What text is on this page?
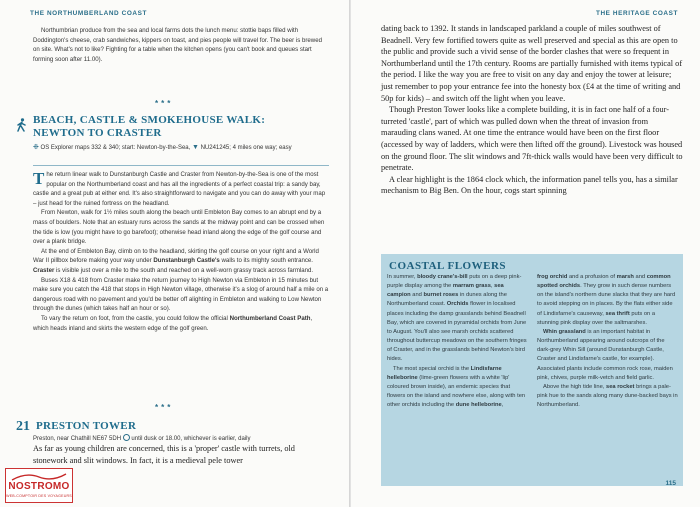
THE NORTHUMBERLAND COAST

Northumbrian produce from the sea and local farms dots the lunch menu: stottie baps filled with Doddington's cheese, crab sandwiches, kippers on toast, and pies people will travel for. The beer is brewed on site. What's not to like? Fighting for a table when the kitchen opens (you can't book and queues start forming soon after 11.00).

***
BEACH, CASTLE & SMOKEHOUSE WALK:
NEWTON TO CRASTER
❉ OS Explorer maps 332 & 340; start: Newton-by-the-Sea, ▼ NU241245; 4 miles one way; easy

The return linear walk to Dunstanburgh Castle and Craster from Newton-by-the-Sea is one of the most popular on the Northumberland coast and has all the ingredients of a perfect coastal trip: a sandy bay, castle and a great pub at either end. It's also straightforward to navigate and you can do away with your map – just head for the ruined fortress on the headland.

From Newton, walk for 1½ miles south along the beach until Embleton Bay comes to an abrupt end by a mass of boulders. Note that an estuary runs across the sands at the midway point and can be crossed when the tide is low (you might have to go barefoot); otherwise head inland along the edge of the golf course and over a plank bridge.

At the end of Embleton Bay, climb on to the headland, skirting the golf course on your right and a World War II pillbox before making your way under Dunstanburgh Castle's walls to its mighty south entrance. Craster is visible just over a mile to the south and reached on a well-worn grassy track across farmland.

Buses X18 & 418 from Craster make the return journey to High Newton via Embleton in 15 minutes but make sure you catch the 418 that stops in High Newton village, otherwise it's a slog of around half a mile on a dangerous road with no pavement and you'd be better off alighting in Embleton and walking to Low Newton through the dunes (which takes half an hour or so).

To vary the return on foot, from the castle, you could follow the official Northumberland Coast Path, which heads inland and skirts the western edge of the golf green.

***
21 PRESTON TOWER
Preston, near Chathill NE67 5DH until dusk or 18.00, whichever is earlier, daily

As far as young children are concerned, this is a 'proper' castle with turrets, old stonework and slit windows. In fact, it is a medieval pele tower

NOSTROMO
WEB-COMPTOIR DES VOYAGEURS
THE HERITAGE COAST

dating back to 1392. It stands in landscaped parkland a couple of miles southwest of Beadnell. Very few fortified towers quite as well preserved and special as this are open to the public and provide such a vivid sense of the border clashes that were so frequent in Northumberland until the 17th century. Rooms are partially furnished with items typical of the period. I like the way you are free to visit on any day and enjoy the tower at leisure; just remember to pop your entrance fee into the honesty box (£4 at the time of writing and 50p for kids) – and switch off the light when you leave.

Though Preston Tower looks like a complete building, it is in fact one half of a four-turreted 'castle', part of which was pulled down when the threat of invasion from marauding clans waned. At one time the entrance would have been on the first floor (accessed by way of ladders, which were then lifted off the ground). Livestock was housed on the ground floor. The slit windows and 7ft-thick walls would have been very difficult to penetrate.

A clear highlight is the 1864 clock which, the information panel tells you, has a similar mechanism to Big Ben. On the hour, cogs start spinning

COASTAL FLOWERS

In summer, bloody crane's-bill puts on a deep pink-purple display among the marram grass, sea campion and burnet roses in dunes along the Northumberland coast. Orchids flower in localised places including the damp grasslands behind Beadnell Bay, which are covered in pyramidal orchids from June to August. You'll also see marsh orchids scattered throughout buttercup meadows on the southern fringes of Craster, and in the grasslands behind Newton's bird hides.

The most special orchid is the Lindisfarne helleborine (lime-green flowers with a white 'lip' coloured brown inside), an endemic species that flowers on the island and nowhere else, along with ten other orchids including the dune helleborine,

frog orchid and a profusion of marsh and common spotted orchids. They grow in such dense numbers on the island's northern dune slacks that they are hard to avoid stepping on in places. By the flats either side of Lindisfarne's causeway, sea thrift puts on a stunning pink display over the saltmarshes.

Whin grassland is an important habitat in Northumberland appearing around outcrops of the dark-grey Whin Sill (around Dunstanburgh Castle, Craster and Lindisfarne's castle, for example). Associated plants include common rock rose, maiden pink, chives, purple milk-vetch and field garlic.

Above the high tide line, sea rocket brings a pale-pink hue to the sands along many dune-backed bays in Northumberland.

115
